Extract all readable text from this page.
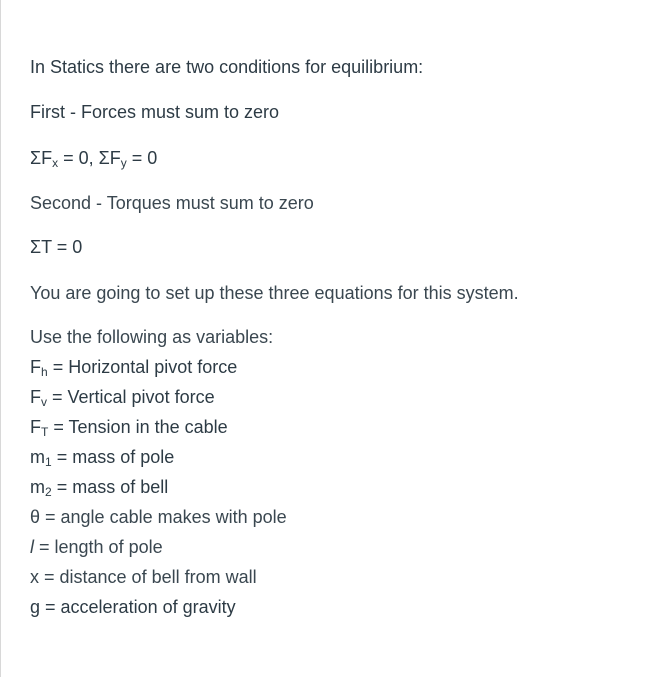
In Statics there are two conditions for equilibrium:
First - Forces must sum to zero
$\Sigma F_x = 0$, $\Sigma F_y = 0$
Second - Torques must sum to zero
ΣT = 0
You are going to set up these three equations for this system.
Use the following as variables:
$F_h$ = Horizontal pivot force
$F_v$ = Vertical pivot force
$F_T$ = Tension in the cable
$m_1$ = mass of pole
$m_2$ = mass of bell
θ = angle cable makes with pole
l = length of pole
x = distance of bell from wall
g = acceleration of gravity
